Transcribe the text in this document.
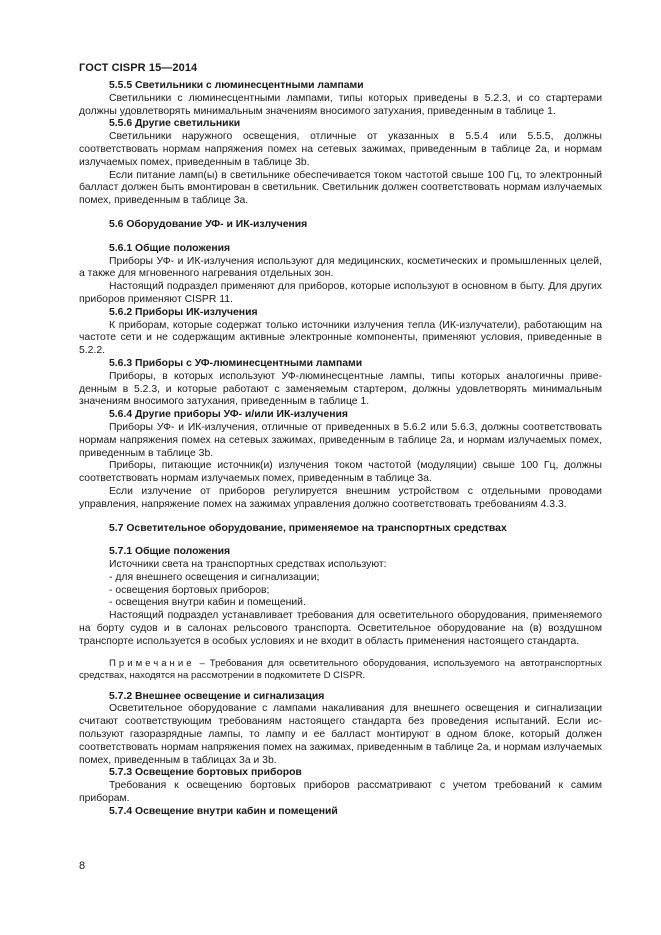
ГОСТ CISPR 15—2014

5.5.5 Светильники с люминесцентными лампами

Светильники с люминесцентными лампами, типы которых приведены в 5.2.3, и со стартерами должны удовлетворять минимальным значениям вносимого затухания, приведенным в таблице 1.

5.5.6 Другие светильники

Светильники наружного освещения, отличные от указанных в 5.5.4 или 5.5.5, должны соответствовать нормам напряжения помех на сетевых зажимах, приведенным в таблице 2а, и нормам излучаемых помех, приведенным в таблице 3b.

Если питание ламп(ы) в светильнике обеспечивается током частотой свыше 100 Гц, то электронный балласт должен быть вмонтирован в светильник. Светильник должен соответствовать нормам излучаемых помех, приведенным в таблице 3а.

5.6 Оборудование УФ- и ИК-излучения

5.6.1 Общие положения

Приборы УФ- и ИК-излучения используют для медицинских, косметических и промышленных целей, а также для мгновенного нагревания отдельных зон.

Настоящий подраздел применяют для приборов, которые используют в основном в быту. Для других приборов применяют CISPR 11.

5.6.2 Приборы ИК-излучения

К приборам, которые содержат только источники излучения тепла (ИК-излучатели), работающим на частоте сети и не содержащим активные электронные компоненты, применяют условия, приведенные в 5.2.2.

5.6.3 Приборы с УФ-люминесцентными лампами

Приборы, в которых используют УФ-люминесцентные лампы, типы которых аналогичны приведенным в 5.2.3, и которые работают с заменяемым стартером, должны удовлетворять минимальным значениям вносимого затухания, приведенным в таблице 1.

5.6.4 Другие приборы УФ- и/или ИК-излучения

Приборы УФ- и ИК-излучения, отличные от приведенных в 5.6.2 или 5.6.3, должны соответствовать нормам напряжения помех на сетевых зажимах, приведенным в таблице 2а, и нормам излучаемых помех, приведенным в таблице 3b.

Приборы, питающие источник(и) излучения током частотой (модуляции) свыше 100 Гц, должны соответствовать нормам излучаемых помех, приведенным в таблице 3а.

Если излучение от приборов регулируется внешним устройством с отдельными проводами управления, напряжение помех на зажимах управления должно соответствовать требованиям 4.3.3.

5.7 Осветительное оборудование, применяемое на транспортных средствах

5.7.1 Общие положения

Источники света на транспортных средствах используют:

- для внешнего освещения и сигнализации;

- освещения бортовых приборов;

- освещения внутри кабин и помещений.

Настоящий подраздел устанавливает требования для осветительного оборудования, применяемого на борту судов и в салонах рельсового транспорта. Осветительное оборудование на (в) воздушном транспорте используется в особых условиях и не входит в область применения настоящего стандарта.

Примечание – Требования для осветительного оборудования, используемого на автотранспортных средствах, находятся на рассмотрении в подкомитете D CISPR.

5.7.2 Внешнее освещение и сигнализация

Осветительное оборудование с лампами накаливания для внешнего освещения и сигнализации считают соответствующим требованиям настоящего стандарта без проведения испытаний. Если используют газоразрядные лампы, то лампу и ее балласт монтируют в одном блоке, который должен соответствовать нормам напряжения помех на зажимах, приведенным в таблице 2а, и нормам излучаемых помех, приведенным в таблицах 3а и 3b.

5.7.3 Освещение бортовых приборов

Требования к освещению бортовых приборов рассматривают с учетом требований к самим приборам.

5.7.4 Освещение внутри кабин и помещений

8
